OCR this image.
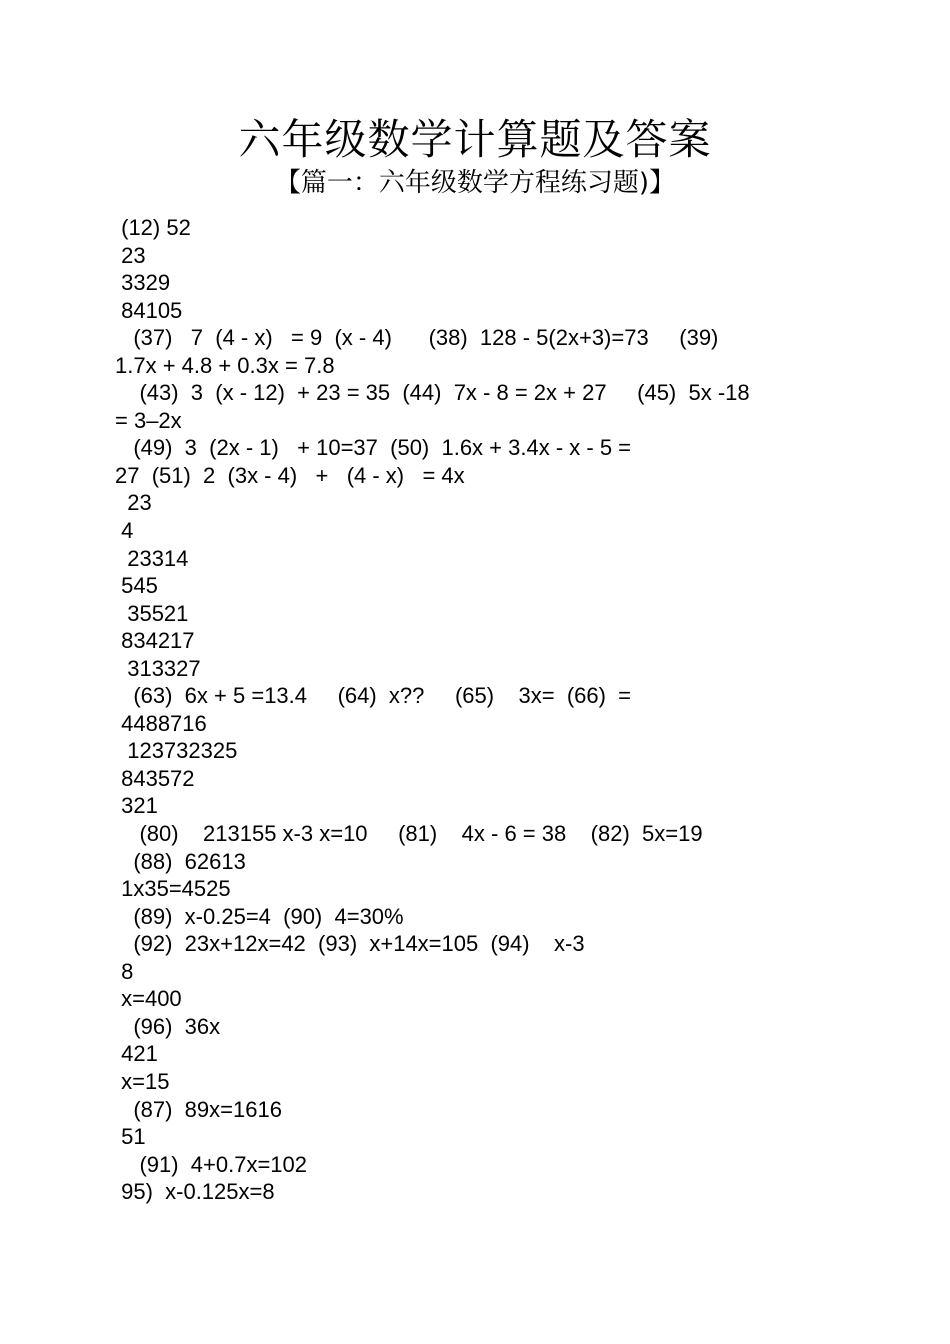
六年级数学计算题及答案
【篇一：六年级数学方程练习题)】
(12) 52
23
3329
84105
(37)   7  (4 - x)   = 9  (x - 4)      (38)  128 - 5(2x+3)=73     (39)
1.7x + 4.8 + 0.3x = 7.8
(43)  3  (x - 12)  + 23 = 35  (44)  7x - 8 = 2x + 27     (45)  5x -18
= 3–2x
(49)  3  (2x - 1)   + 10=37  (50)  1.6x + 3.4x - x - 5 =
27  (51)  2  (3x - 4)   +   (4 - x)   = 4x
23
4
23314
545
35521
834217
313327
(63)  6x + 5 =13.4     (64)  x??     (65)    3x=  (66)  =
4488716
123732325
843572
321
(80)    213155 x-3 x=10     (81)    4x - 6 = 38    (82)  5x=19
(88)  62613
1x35=4525
(89)  x-0.25=4  (90)  4=30%
(92)  23x+12x=42  (93)  x+14x=105  (94)    x-3
8
x=400
(96)  36x
421
x=15
(87)  89x=1616
51
(91)  4+0.7x=102
95)  x-0.125x=8
